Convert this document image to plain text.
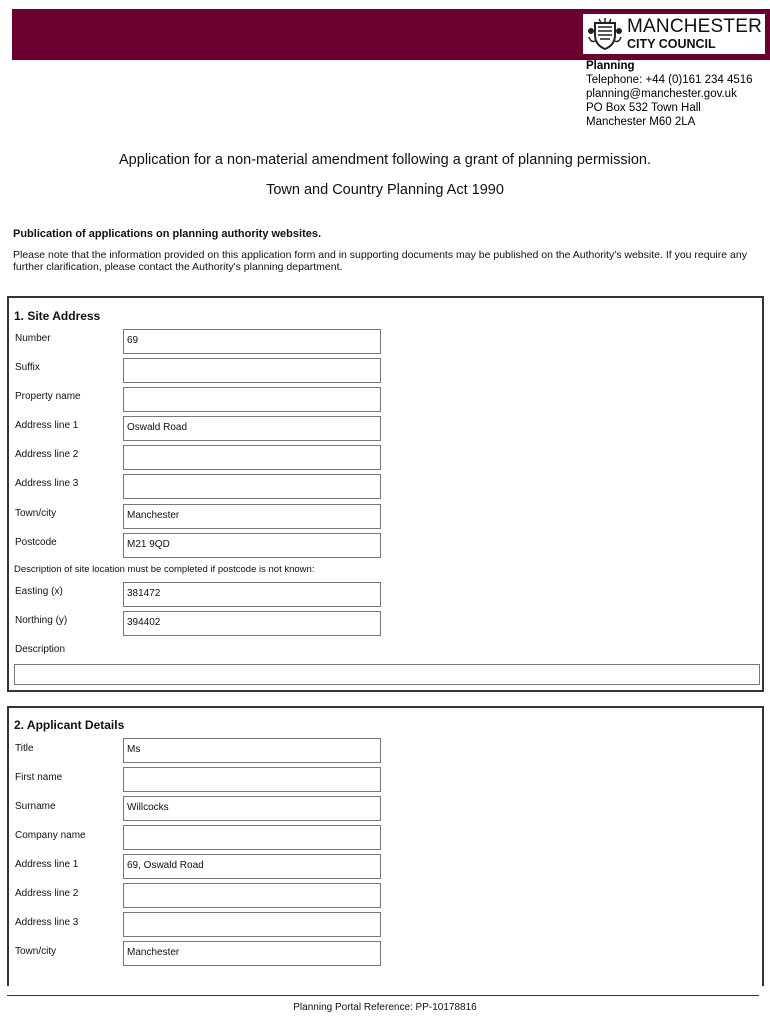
MANCHESTER
CITY COUNCIL
Planning
Telephone: +44 (0)161 234 4516
planning@manchester.gov.uk
PO Box 532 Town Hall
Manchester M60 2LA
Application for a non-material amendment following a grant of planning permission.
Town and Country Planning Act 1990
Publication of applications on planning authority websites.
Please note that the information provided on this application form and in supporting documents may be published on the Authority's website. If you require any further clarification, please contact the Authority's planning department.
1. Site Address
Number	69
Suffix
Property name
Address line 1	Oswald Road
Address line 2
Address line 3
Town/city	Manchester
Postcode	M21 9QD
Description of site location must be completed if postcode is not known:
Easting (x)	381472
Northing (y)	394402
Description
2. Applicant Details
Title	Ms
First name
Surname	Willcocks
Company name
Address line 1	69, Oswald Road
Address line 2
Address line 3
Town/city	Manchester
Planning Portal Reference: PP-10178816
